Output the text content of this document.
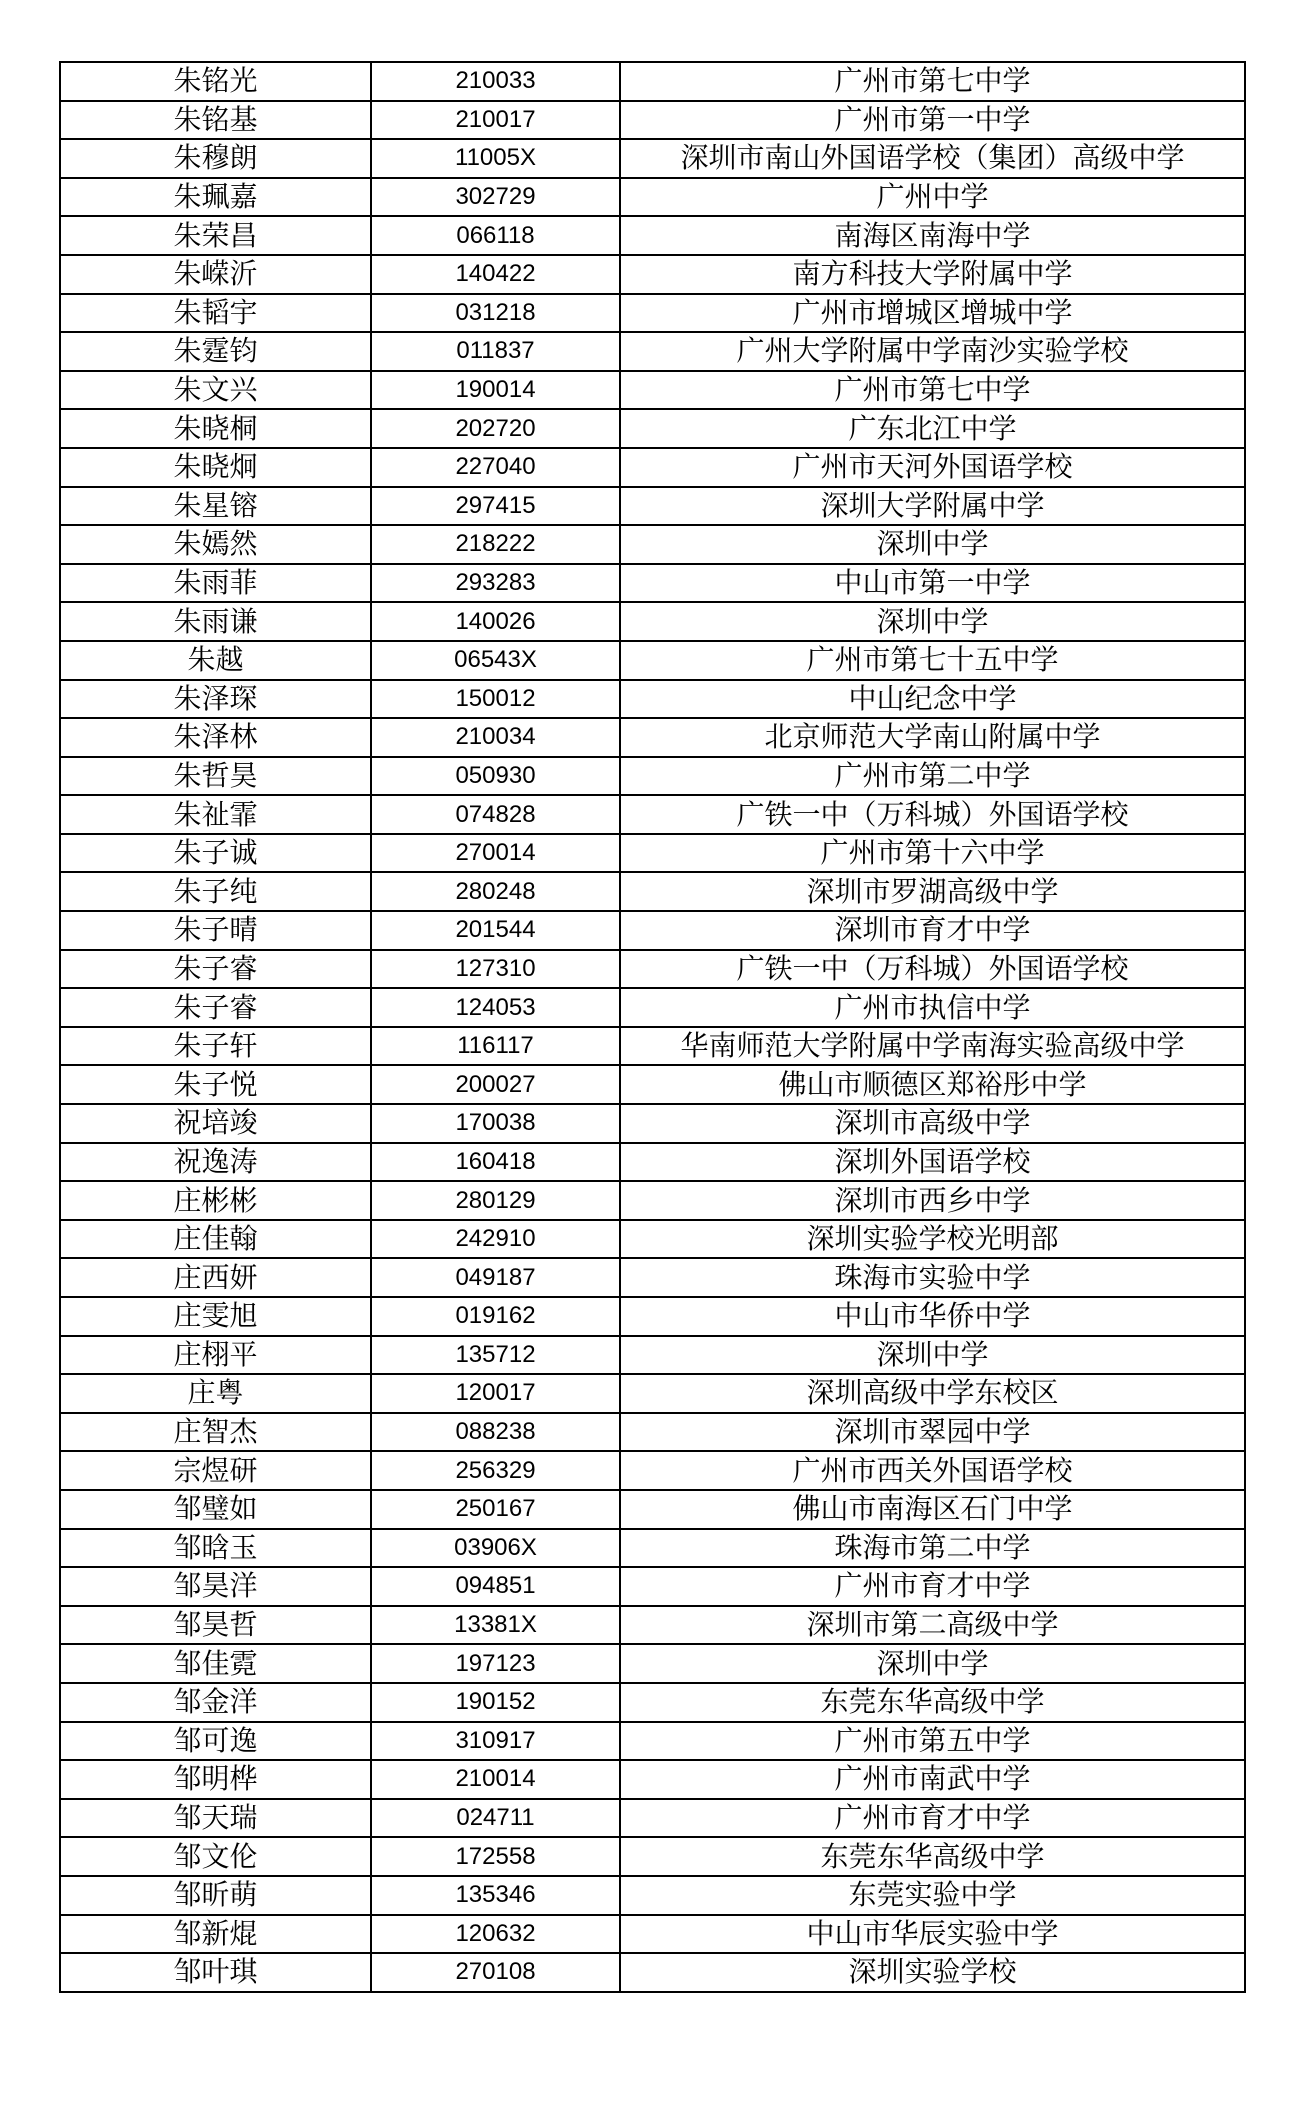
朱铭光	210033	广州市第七中学
朱铭基	210017	广州市第一中学
朱穆朗	11005X	深圳市南山外国语学校（集团）高级中学
朱珮嘉	302729	广州中学
朱荣昌	066118	南海区南海中学
朱嵘沂	140422	南方科技大学附属中学
朱韬宇	031218	广州市增城区增城中学
朱霆钧	011837	广州大学附属中学南沙实验学校
朱文兴	190014	广州市第七中学
朱晓桐	202720	广东北江中学
朱晓炯	227040	广州市天河外国语学校
朱星镕	297415	深圳大学附属中学
朱嫣然	218222	深圳中学
朱雨菲	293283	中山市第一中学
朱雨谦	140026	深圳中学
朱越	06543X	广州市第七十五中学
朱泽琛	150012	中山纪念中学
朱泽林	210034	北京师范大学南山附属中学
朱哲昊	050930	广州市第二中学
朱祉霏	074828	广铁一中（万科城）外国语学校
朱子诚	270014	广州市第十六中学
朱子纯	280248	深圳市罗湖高级中学
朱子晴	201544	深圳市育才中学
朱子睿	127310	广铁一中（万科城）外国语学校
朱子睿	124053	广州市执信中学
朱子轩	116117	华南师范大学附属中学南海实验高级中学
朱子悦	200027	佛山市顺德区郑裕彤中学
祝培竣	170038	深圳市高级中学
祝逸涛	160418	深圳外国语学校
庄彬彬	280129	深圳市西乡中学
庄佳翰	242910	深圳实验学校光明部
庄西妍	049187	珠海市实验中学
庄雯旭	019162	中山市华侨中学
庄栩平	135712	深圳中学
庄粤	120017	深圳高级中学东校区
庄智杰	088238	深圳市翠园中学
宗煜研	256329	广州市西关外国语学校
邹璧如	250167	佛山市南海区石门中学
邹晗玉	03906X	珠海市第二中学
邹昊洋	094851	广州市育才中学
邹昊哲	13381X	深圳市第二高级中学
邹佳霓	197123	深圳中学
邹金洋	190152	东莞东华高级中学
邹可逸	310917	广州市第五中学
邹明桦	210014	广州市南武中学
邹天瑞	024711	广州市育才中学
邹文伦	172558	东莞东华高级中学
邹昕萌	135346	东莞实验中学
邹新焜	120632	中山市华辰实验中学
邹叶琪	270108	深圳实验学校
